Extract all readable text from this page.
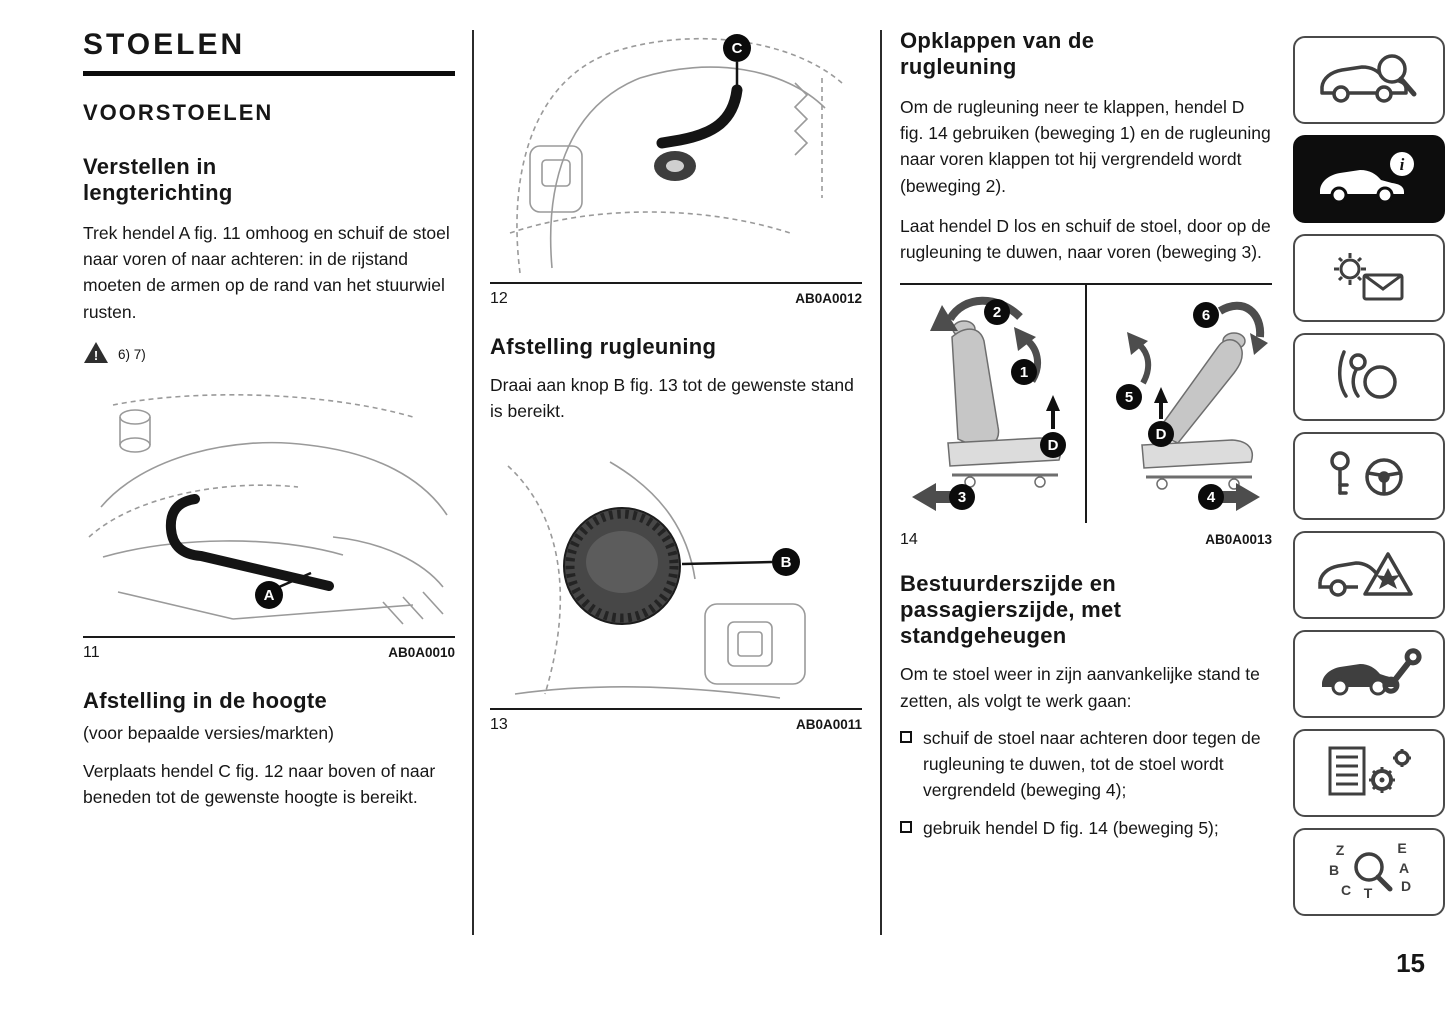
STOELEN
VOORSTOELEN
Verstellen in lengterichting

Trek hendel A fig. 11 omhoog en schuif de stoel naar voren of naar achteren: in de rijstand moeten de armen op de rand van het stuurwiel rusten.

! 6) 7)
A
11	AB0A0010
Afstelling in de hoogte

(voor bepaalde versies/markten)

Verplaats hendel C fig. 12 naar boven of naar beneden tot de gewenste hoogte is bereikt.

C
12	AB0A0012
Afstelling rugleuning

Draai aan knop B fig. 13 tot de gewenste stand is bereikt.

B
13	AB0A0011
Opklappen van de rugleuning

Om de rugleuning neer te klappen, hendel D fig. 14 gebruiken (beweging 1) en de rugleuning naar voren klappen tot hij vergrendeld wordt (beweging 2).

Laat hendel D los en schuif de stoel, door op de rugleuning te duwen, naar voren (beweging 3).

2
1
D
3
6
5
D
4
14	AB0A0013
Bestuurderszijde en passagierszijde, met standgeheugen

Om te stoel weer in zijn aanvankelijke stand te zetten, als volgt te werk gaan:

schuif de stoel naar achteren door tegen de rugleuning te duwen, tot de stoel wordt vergrendeld (beweging 4);

gebruik hendel D fig. 14 (beweging 5);

i
Z	E
B	A
D
C T
15
